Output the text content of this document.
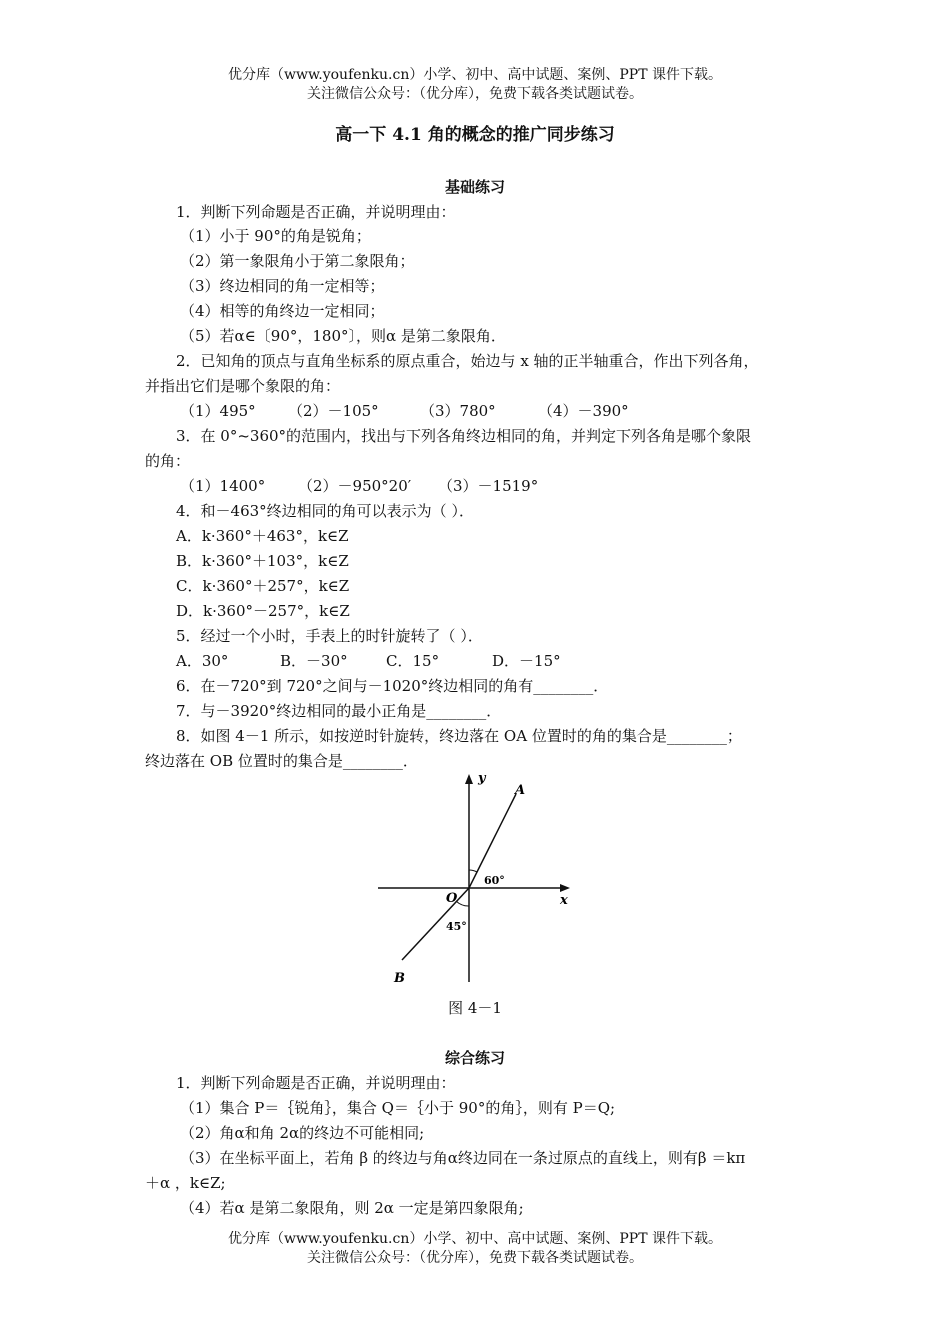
优分库（www.youfenku.cn）小学、初中、高中试题、案例、PPT 课件下载。
关注微信公众号：（优分库），免费下载各类试题试卷。
高一下 4.1 角的概念的推广同步练习
基础练习
1．判断下列命题是否正确，并说明理由：
（1）小于 90°的角是锐角；
（2）第一象限角小于第二象限角；
（3）终边相同的角一定相等；
（4）相等的角终边一定相同；
（5）若α∈〔90°，180°〕，则α 是第二象限角．
2．已知角的顶点与直角坐标系的原点重合，始边与 x 轴的正半轴重合，作出下列各角，
并指出它们是哪个象限的角：
（1）495° （2）－105°	（3）780°	（4）－390°
3．在 0°~360°的范围内，找出与下列各角终边相同的角，并判定下列各角是哪个象限
的角：
（1）1400° （2）－950°20′ （3）－1519°
4．和－463°终边相同的角可以表示为（ ）．
A．k·360°＋463°，k∈Z
B．k·360°＋103°，k∈Z
C．k·360°＋257°，k∈Z
D．k·360°－257°，k∈Z
5．经过一个小时，手表上的时针旋转了（ ）．
A．30°	B．－30°	C．15°	D．－15°
6．在－720°到 720°之间与－1020°终边相同的角有________．
7．与－3920°终边相同的最小正角是________．
8．如图 4－1 所示，如按逆时针旋转，终边落在 OA 位置时的角的集合是________；
终边落在 OB 位置时的集合是________．
y
x
O
A
B
60°
45°
图 4－1
综合练习
1．判断下列命题是否正确，并说明理由：
（1）集合 P＝｛锐角｝，集合 Q＝｛小于 90°的角｝，则有 P＝Q;
（2）角α和角 2α的终边不可能相同;
（3）在坐标平面上，若角 β 的终边与角α终边同在一条过原点的直线上，则有β ＝kπ
＋α ，k∈Z;
（4）若α 是第二象限角，则 2α 一定是第四象限角;
优分库（www.youfenku.cn）小学、初中、高中试题、案例、PPT 课件下载。
关注微信公众号：（优分库），免费下载各类试题试卷。
